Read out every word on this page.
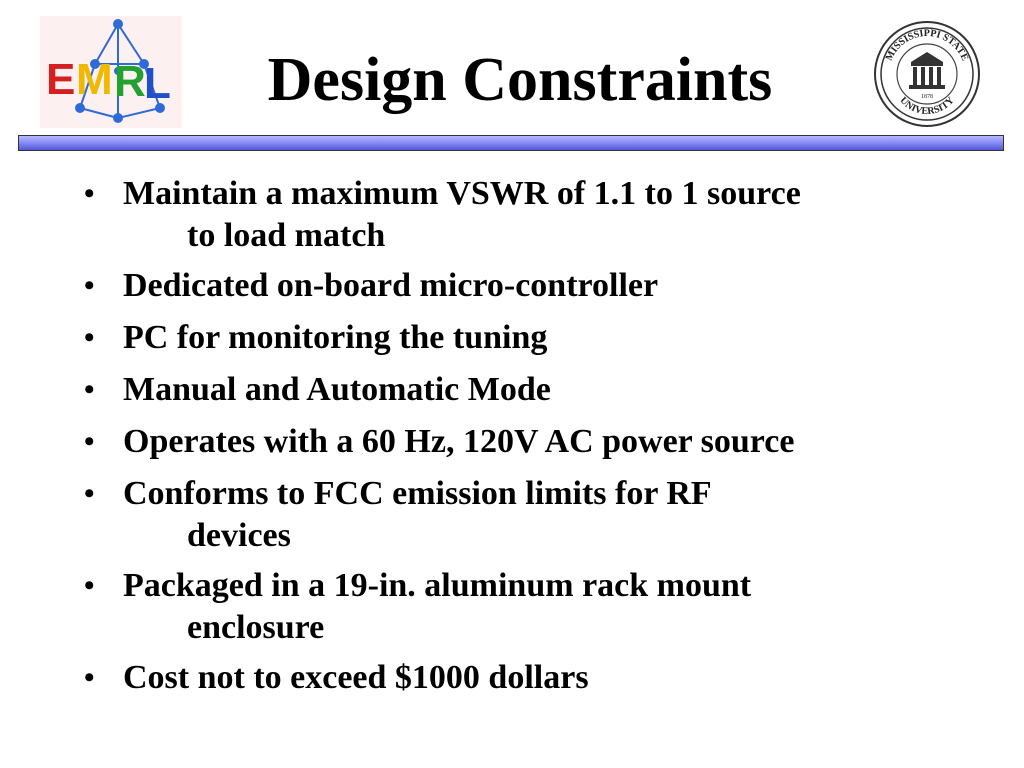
E M R
L	Design Constraints	MISSISSIPPI STATE
UNIVERSITY
1878
• Maintain a maximum VSWR of 1.1 to 1 source
to load match
• Dedicated on-board micro-controller
• PC for monitoring the tuning
• Manual and Automatic Mode
• Operates with a 60 Hz, 120V AC power source
• Conforms to FCC emission limits for RF
devices
• Packaged in a 19-in. aluminum rack mount
enclosure
• Cost not to exceed $1000 dollars
